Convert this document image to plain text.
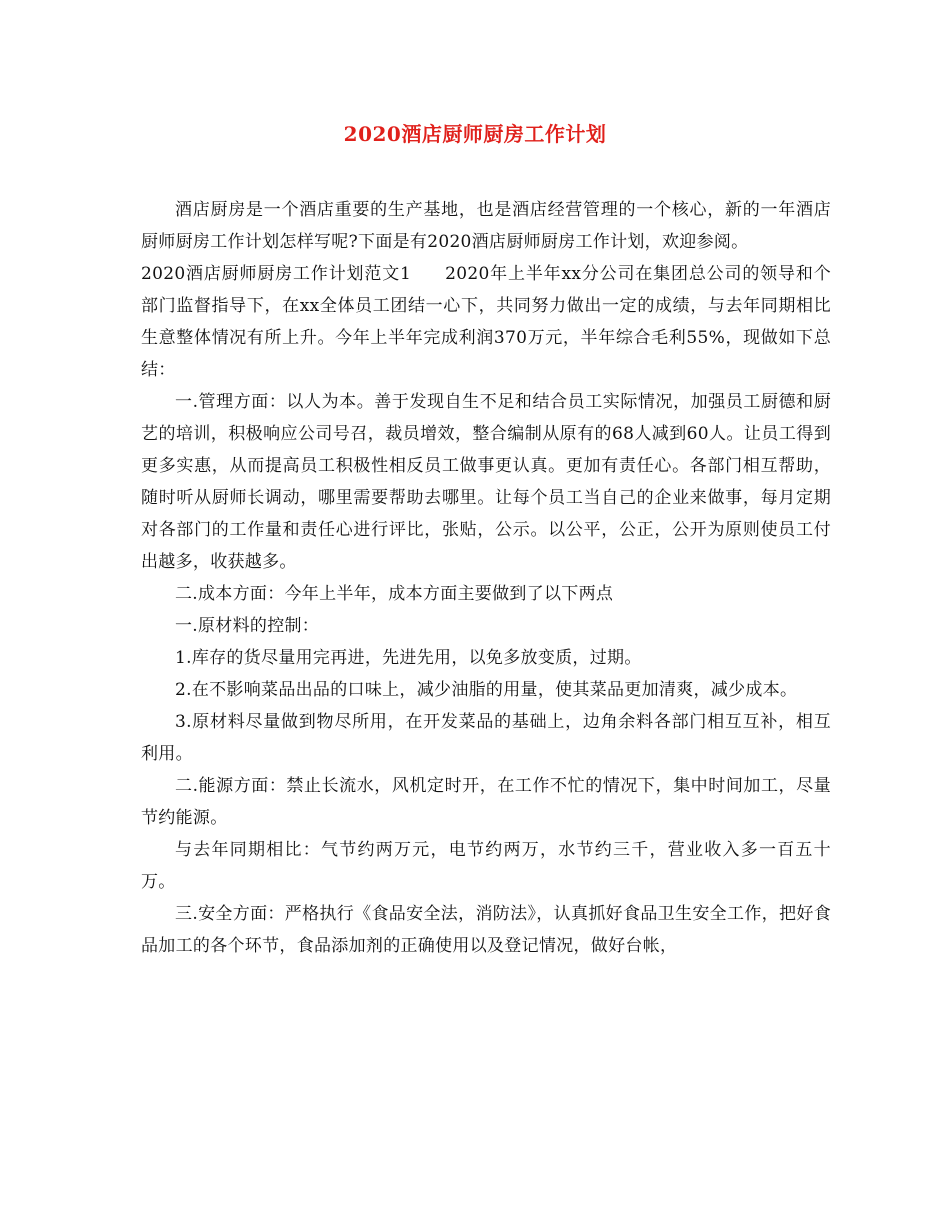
2020酒店厨师厨房工作计划

酒店厨房是一个酒店重要的生产基地，也是酒店经营管理的一个核心，新的一年酒店厨师厨房工作计划怎样写呢?下面是有2020酒店厨师厨房工作计划，欢迎参阅。

2020酒店厨师厨房工作计划范文1 2020年上半年xx分公司在集团总公司的领导和个部门监督指导下，在xx全体员工团结一心下，共同努力做出一定的成绩，与去年同期相比生意整体情况有所上升。今年上半年完成利润370万元，半年综合毛利55%，现做如下总结：

一.管理方面：以人为本。善于发现自生不足和结合员工实际情况，加强员工厨德和厨艺的培训，积极响应公司号召，裁员增效，整合编制从原有的68人减到60人。让员工得到更多实惠，从而提高员工积极性相反员工做事更认真。更加有责任心。各部门相互帮助，随时听从厨师长调动，哪里需要帮助去哪里。让每个员工当自己的企业来做事，每月定期对各部门的工作量和责任心进行评比，张贴，公示。以公平，公正，公开为原则使员工付出越多，收获越多。

二.成本方面：今年上半年，成本方面主要做到了以下两点

一.原材料的控制：

1.库存的货尽量用完再进，先进先用，以免多放变质，过期。

2.在不影响菜品出品的口味上，减少油脂的用量，使其菜品更加清爽，减少成本。

3.原材料尽量做到物尽所用，在开发菜品的基础上，边角余料各部门相互互补，相互利用。

二.能源方面：禁止长流水，风机定时开，在工作不忙的情况下，集中时间加工，尽量节约能源。

与去年同期相比：气节约两万元，电节约两万，水节约三千，营业收入多一百五十万。

三.安全方面：严格执行《食品安全法，消防法》，认真抓好食品卫生安全工作，把好食品加工的各个环节，食品添加剂的正确使用以及登记情况，做好台帐，
